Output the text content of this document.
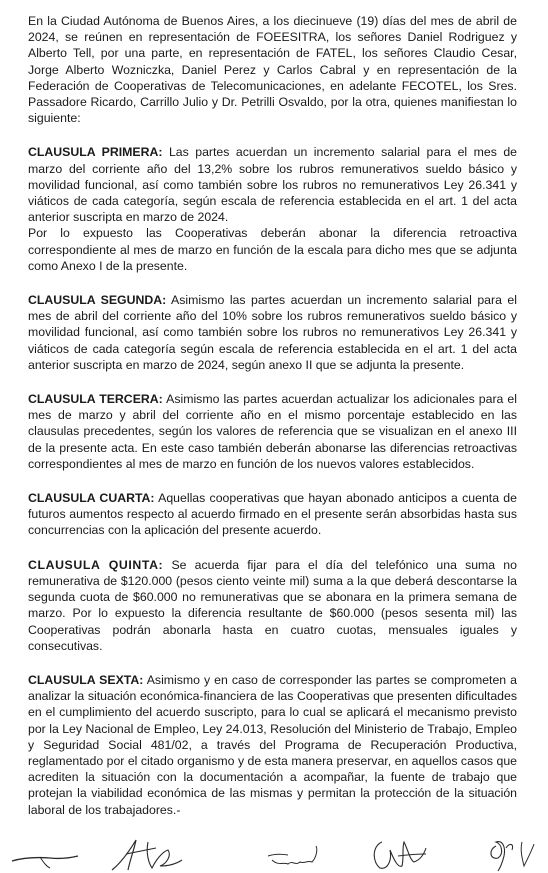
En la Ciudad Autónoma de Buenos Aires, a los diecinueve (19) días del mes de abril de 2024, se reúnen en representación de FOEESITRA, los señores Daniel Rodriguez y Alberto Tell, por una parte, en representación de FATEL, los señores Claudio Cesar, Jorge Alberto Wozniczka, Daniel Perez y Carlos Cabral y en representación de la Federación de Cooperativas de Telecomunicaciones, en adelante FECOTEL, los Sres. Passadore Ricardo, Carrillo Julio y Dr. Petrilli Osvaldo, por la otra, quienes manifiestan lo siguiente:

CLAUSULA PRIMERA: Las partes acuerdan un incremento salarial para el mes de marzo del corriente año del 13,2% sobre los rubros remunerativos sueldo básico y movilidad funcional, así como también sobre los rubros no remunerativos Ley 26.341 y viáticos de cada categoría, según escala de referencia establecida en el art. 1 del acta anterior suscripta en marzo de 2024.

Por lo expuesto las Cooperativas deberán abonar la diferencia retroactiva correspondiente al mes de marzo en función de la escala para dicho mes que se adjunta como Anexo I de la presente.

CLAUSULA SEGUNDA: Asimismo las partes acuerdan un incremento salarial para el mes de abril del corriente año del 10% sobre los rubros remunerativos sueldo básico y movilidad funcional, así como también sobre los rubros no remunerativos Ley 26.341 y viáticos de cada categoría según escala de referencia establecida en el art. 1 del acta anterior suscripta en marzo de 2024, según anexo II que se adjunta la presente.

CLAUSULA TERCERA: Asimismo las partes acuerdan actualizar los adicionales para el mes de marzo y abril del corriente año en el mismo porcentaje establecido en las clausulas precedentes, según los valores de referencia que se visualizan en el anexo III de la presente acta. En este caso también deberán abonarse las diferencias retroactivas correspondientes al mes de marzo en función de los nuevos valores establecidos.

CLAUSULA CUARTA: Aquellas cooperativas que hayan abonado anticipos a cuenta de futuros aumentos respecto al acuerdo firmado en el presente serán absorbidas hasta sus concurrencias con la aplicación del presente acuerdo.

CLAUSULA QUINTA: Se acuerda fijar para el día del telefónico una suma no remunerativa de $120.000 (pesos ciento veinte mil) suma a la que deberá descontarse la segunda cuota de $60.000 no remunerativas que se abonara en la primera semana de marzo. Por lo expuesto la diferencia resultante de $60.000 (pesos sesenta mil) las Cooperativas podrán abonarla hasta en cuatro cuotas, mensuales iguales y consecutivas.

CLAUSULA SEXTA: Asimismo y en caso de corresponder las partes se comprometen a analizar la situación económica-financiera de las Cooperativas que presenten dificultades en el cumplimiento del acuerdo suscripto, para lo cual se aplicará el mecanismo previsto por la Ley Nacional de Empleo, Ley 24.013, Resolución del Ministerio de Trabajo, Empleo y Seguridad Social 481/02, a través del Programa de Recuperación Productiva, reglamentado por el citado organismo y de esta manera preservar, en aquellos casos que acrediten la situación con la documentación a acompañar, la fuente de trabajo que protejan la viabilidad económica de las mismas y permitan la protección de la situación laboral de los trabajadores.-
